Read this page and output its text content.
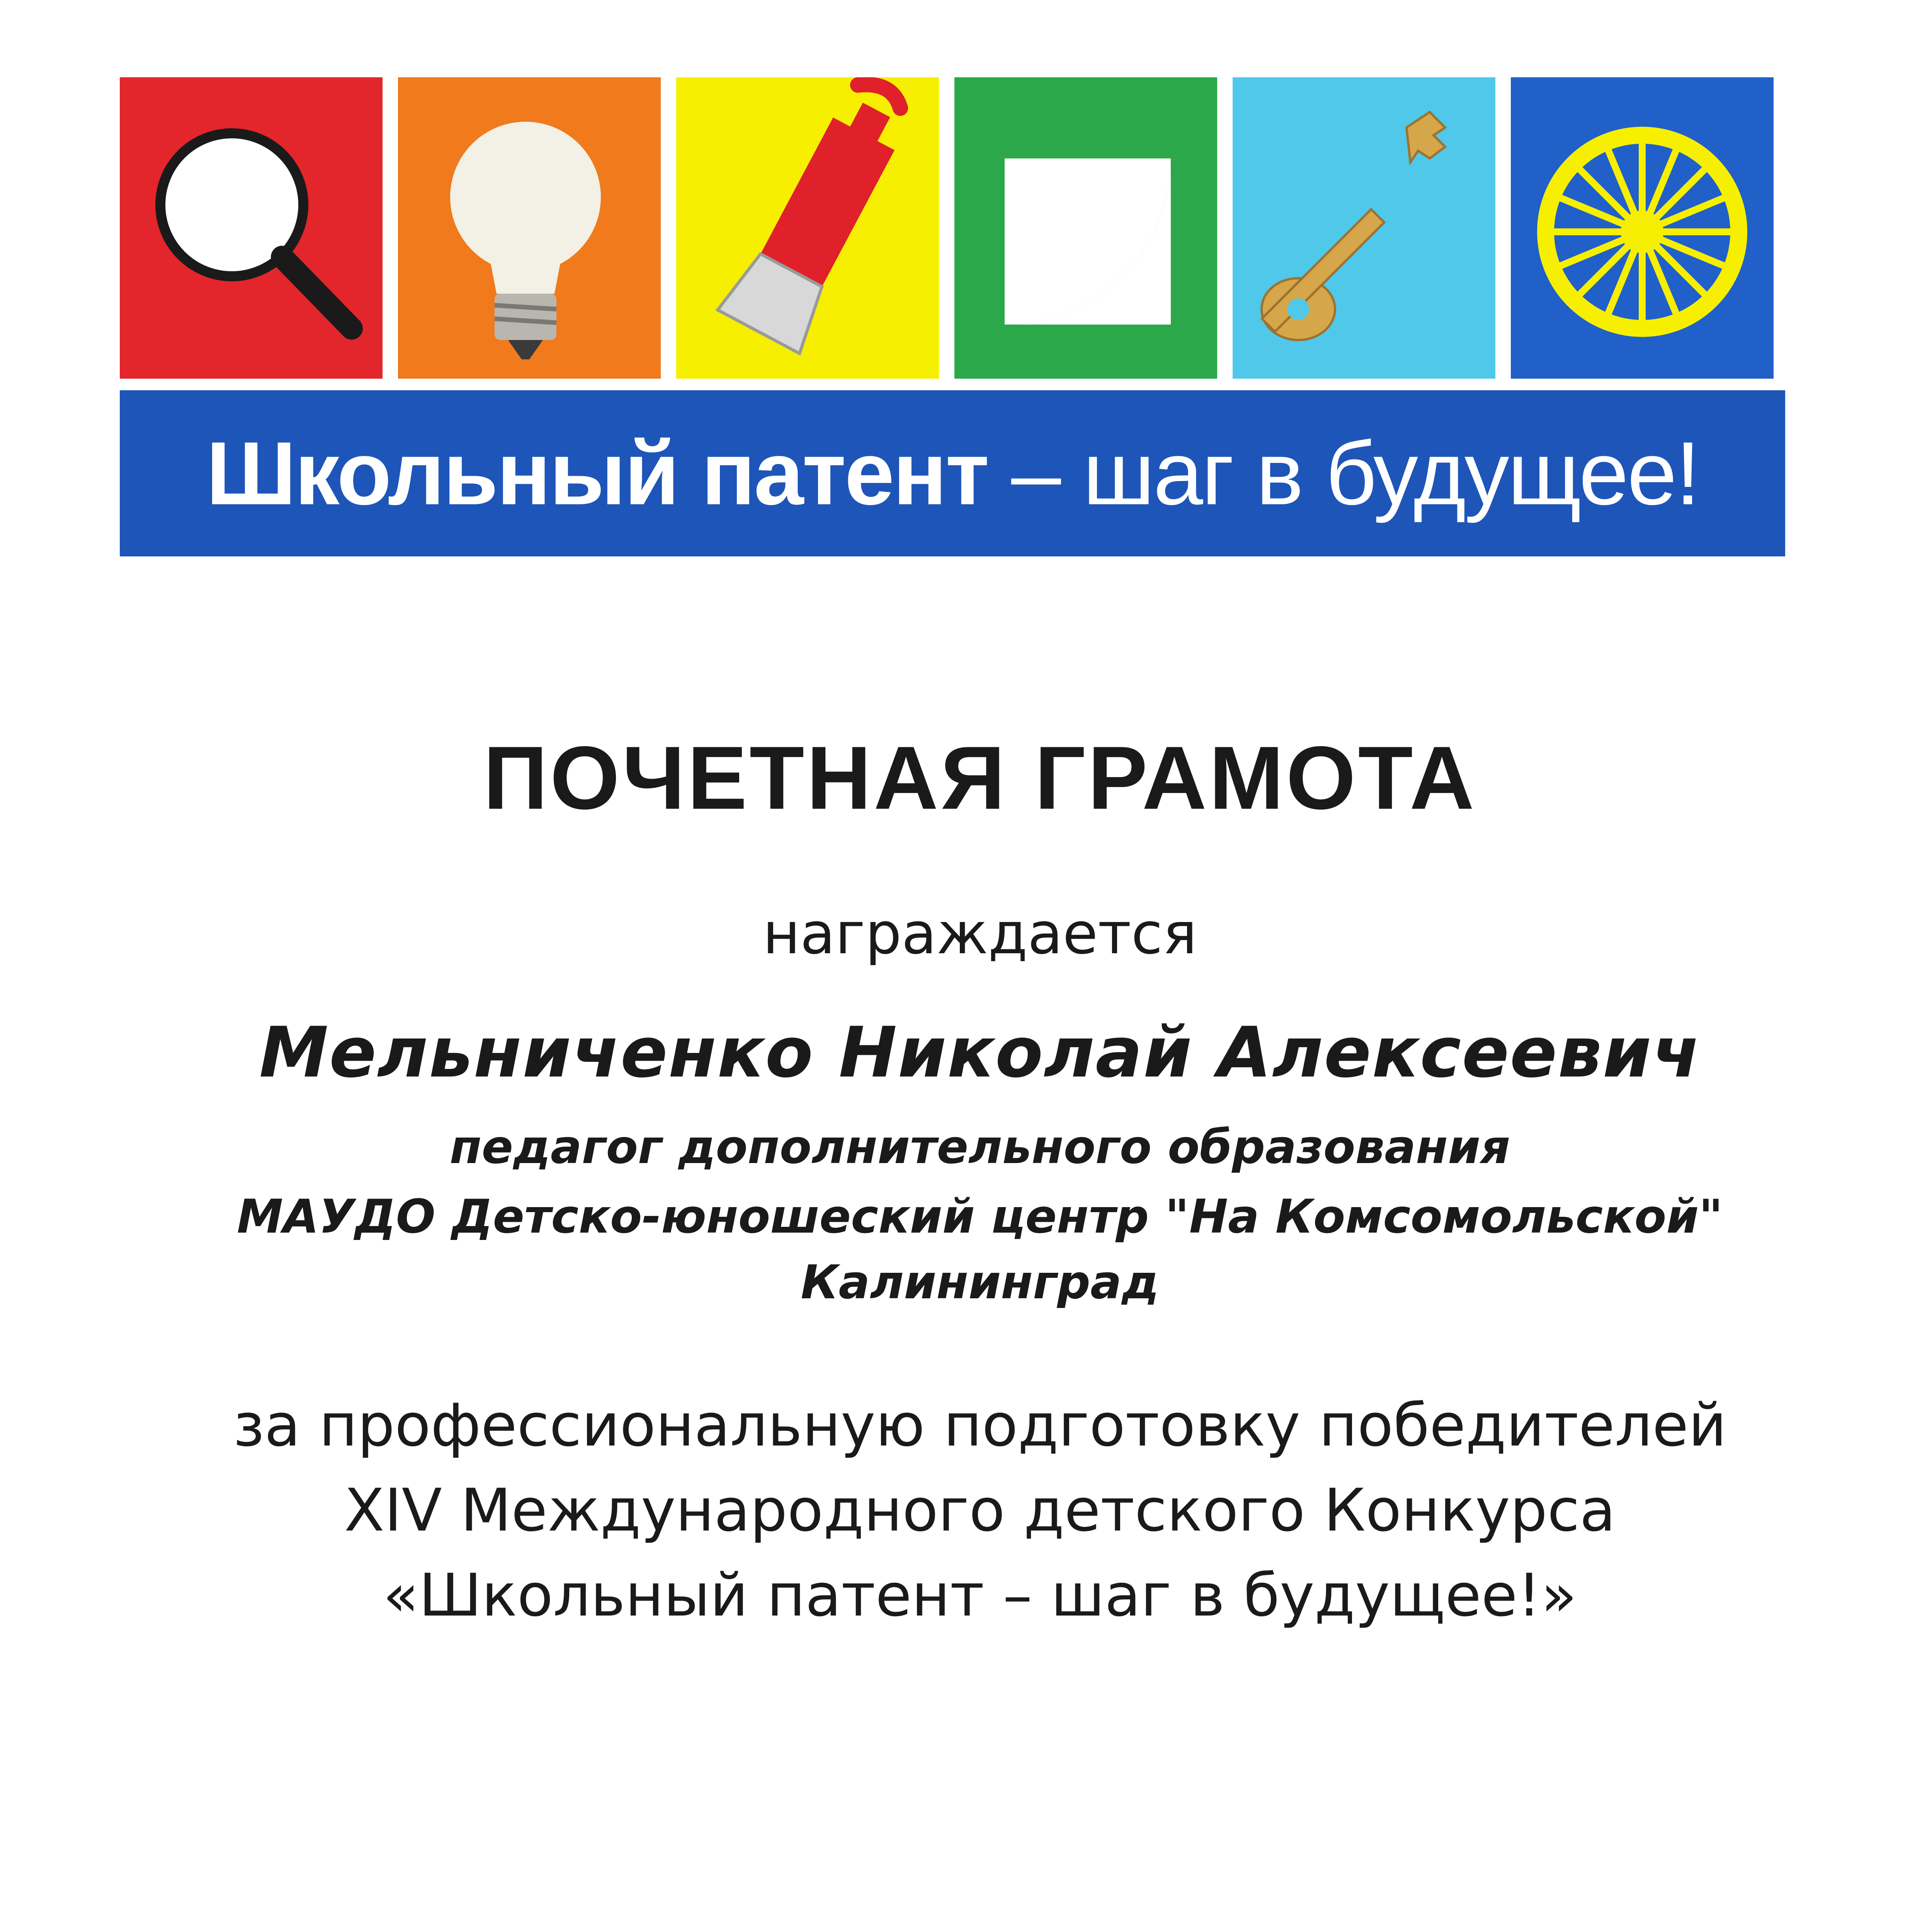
Школьный патент – шаг в будущее!
ПОЧЕТНАЯ ГРАМОТА
награждается
Мельниченко Николай Алексеевич
педагог дополнительного образования
МАУДО Детско-юношеский центр "На Комсомольской"
Калининград
за профессиональную подготовку победителей
XIV Международного детского Конкурса
«Школьный патент – шаг в будущее!»
